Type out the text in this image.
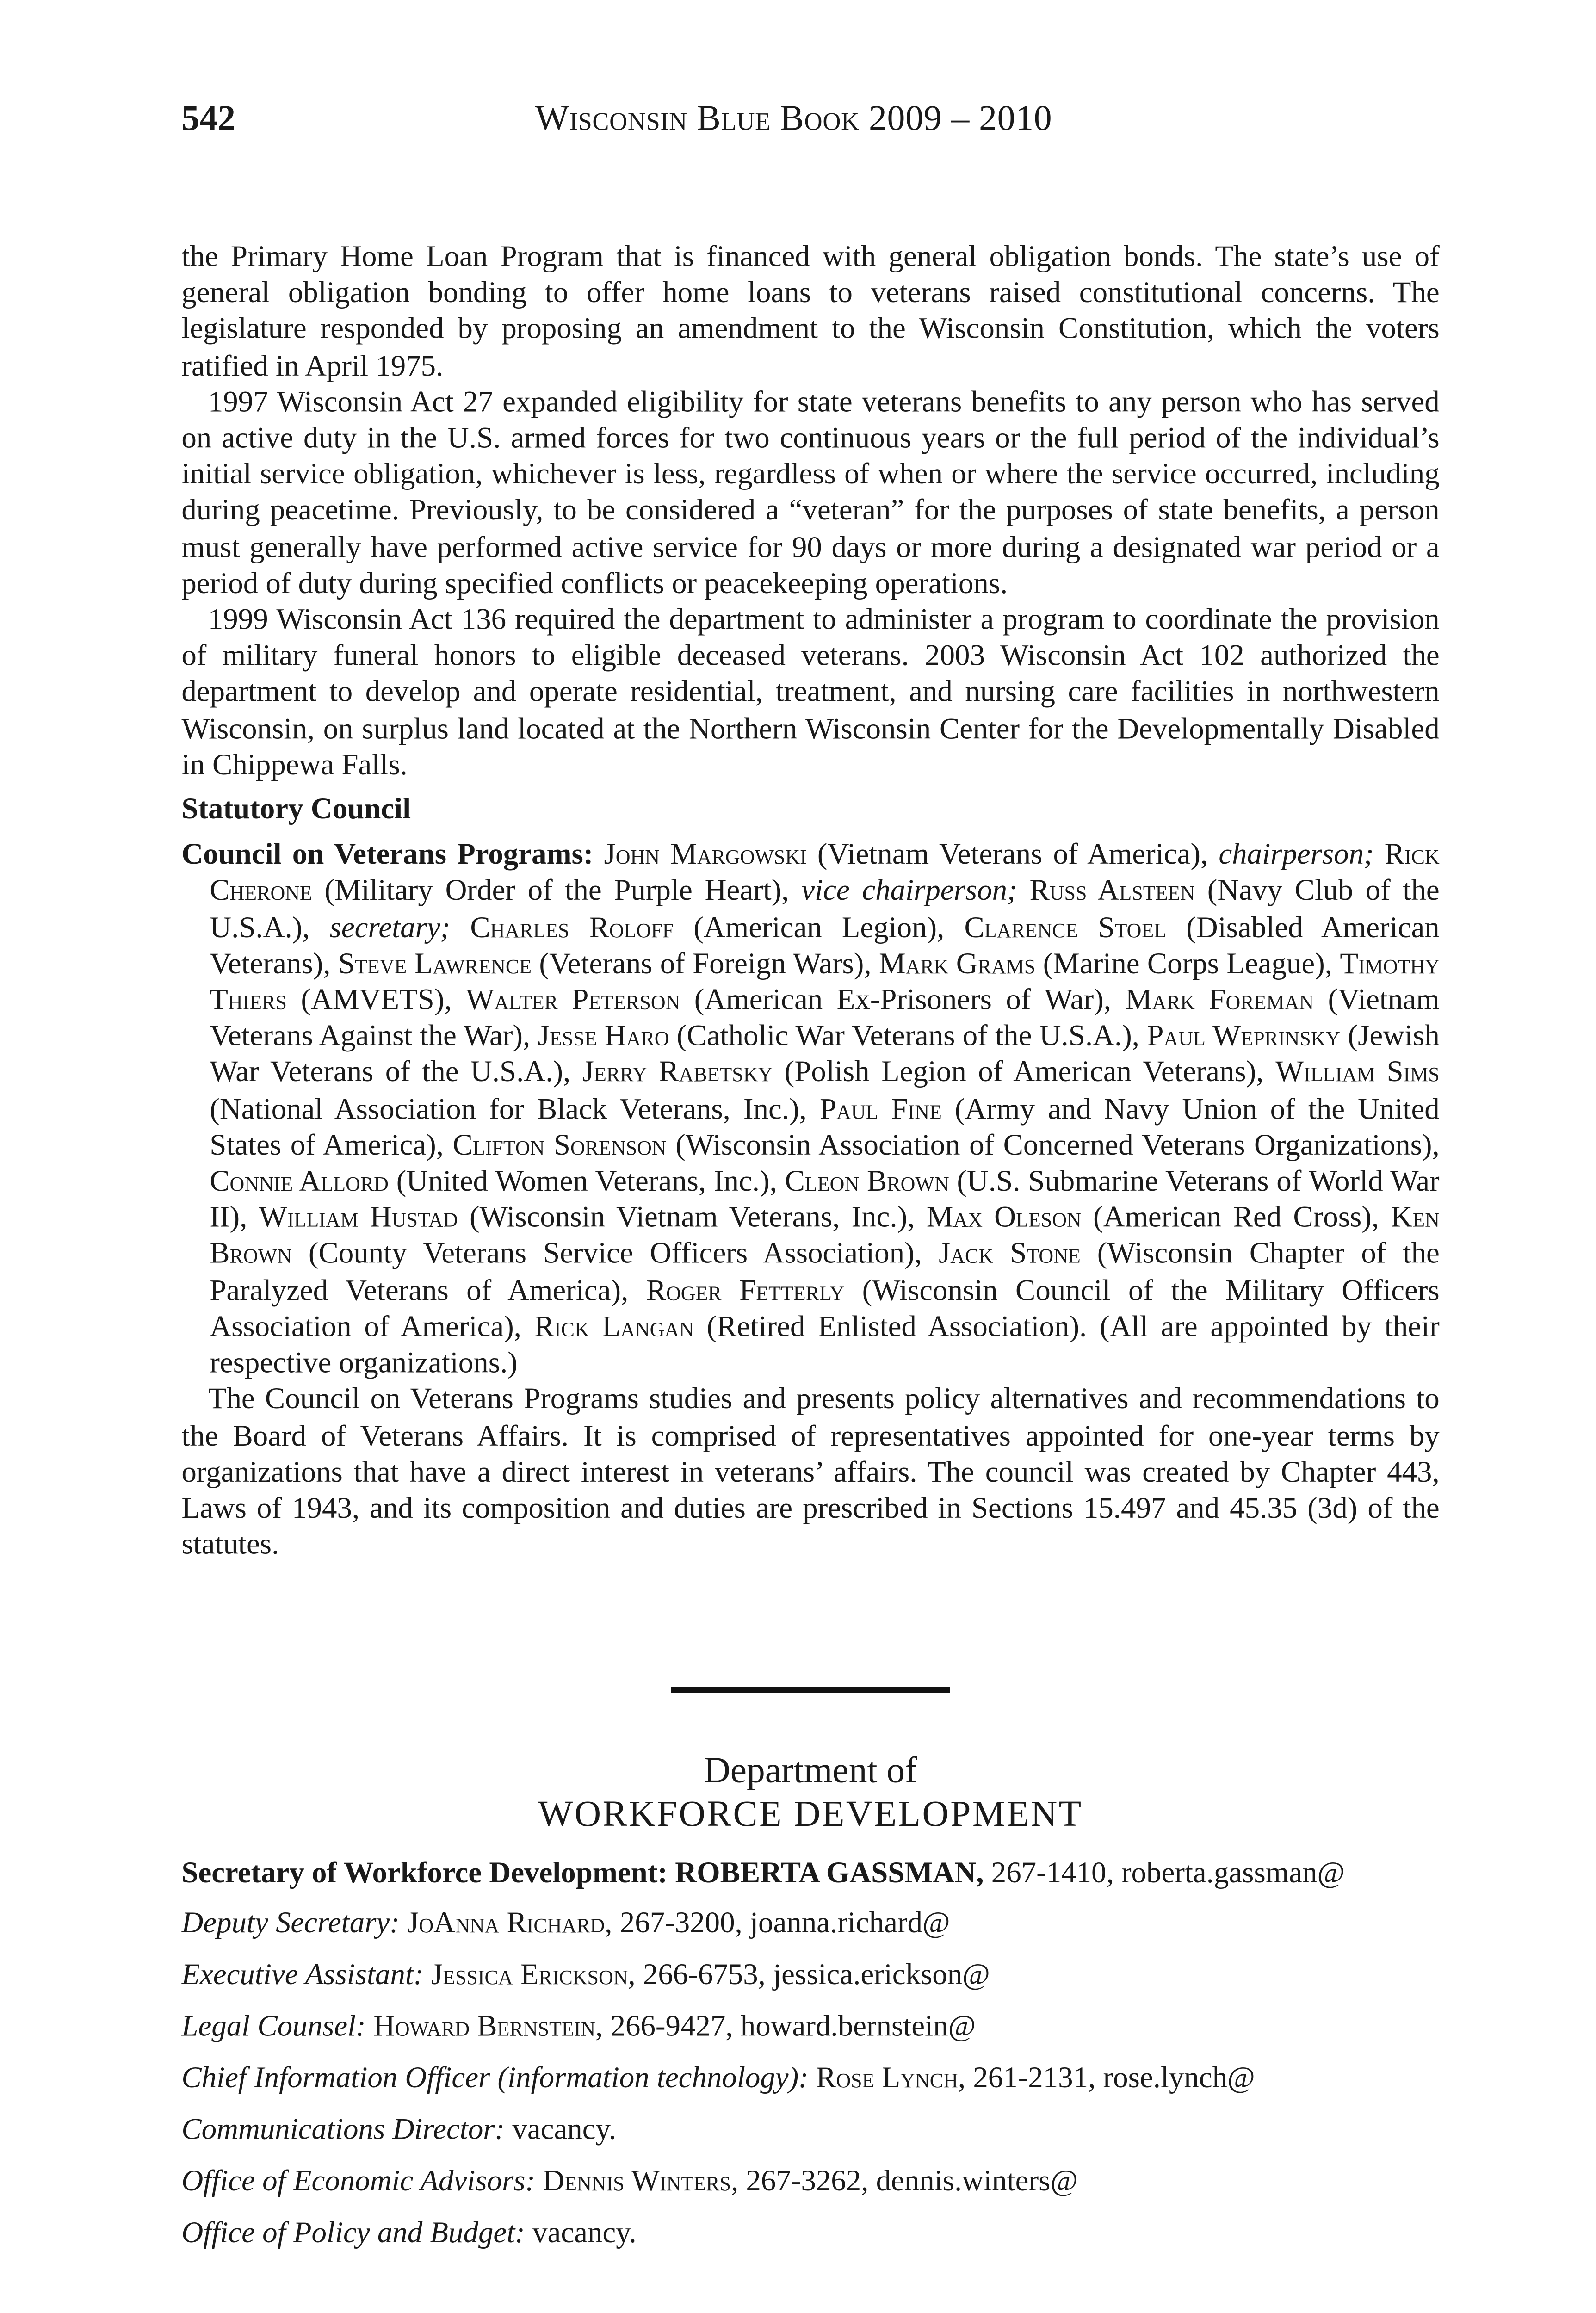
542	Wisconsin Blue Book 2009 – 2010

the Primary Home Loan Program that is financed with general obligation bonds. The state’s use of general obligation bonding to offer home loans to veterans raised constitutional concerns. The legislature responded by proposing an amendment to the Wisconsin Constitution, which the voters ratified in April 1975.

1997 Wisconsin Act 27 expanded eligibility for state veterans benefits to any person who has served on active duty in the U.S. armed forces for two continuous years or the full period of the individual’s initial service obligation, whichever is less, regardless of when or where the service occurred, including during peacetime. Previously, to be considered a “veteran” for the purposes of state benefits, a person must generally have performed active service for 90 days or more during a designated war period or a period of duty during specified conflicts or peacekeeping operations.

1999 Wisconsin Act 136 required the department to administer a program to coordinate the provision of military funeral honors to eligible deceased veterans. 2003 Wisconsin Act 102 authorized the department to develop and operate residential, treatment, and nursing care facilities in northwestern Wisconsin, on surplus land located at the Northern Wisconsin Center for the Developmentally Disabled in Chippewa Falls.

Statutory Council

Council on Veterans Programs: John Margowski (Vietnam Veterans of America), chairperson; Rick Cherone (Military Order of the Purple Heart), vice chairperson; Russ Alsteen (Navy Club of the U.S.A.), secretary; Charles Roloff (American Legion), Clarence Stoel (Disabled American Veterans), Steve Lawrence (Veterans of Foreign Wars), Mark Grams (Marine Corps League), Timothy Thiers (AMVETS), Walter Peterson (American Ex-Prisoners of War), Mark Foreman (Vietnam Veterans Against the War), Jesse Haro (Catholic War Veterans of the U.S.A.), Paul Weprinsky (Jewish War Veterans of the U.S.A.), Jerry Rabetsky (Polish Legion of American Veterans), William Sims (National Association for Black Veterans, Inc.), Paul Fine (Army and Navy Union of the United States of America), Clifton Sorenson (Wisconsin Association of Concerned Veterans Organizations), Connie Allord (United Women Veterans, Inc.), Cleon Brown (U.S. Submarine Veterans of World War II), William Hustad (Wisconsin Vietnam Veterans, Inc.), Max Oleson (American Red Cross), Ken Brown (County Veterans Service Officers Association), Jack Stone (Wisconsin Chapter of the Paralyzed Veterans of America), Roger Fetterly (Wisconsin Council of the Military Officers Association of America), Rick Langan (Retired Enlisted Association). (All are appointed by their respective organizations.)

The Council on Veterans Programs studies and presents policy alternatives and recommendations to the Board of Veterans Affairs. It is comprised of representatives appointed for one-year terms by organizations that have a direct interest in veterans’ affairs. The council was created by Chapter 443, Laws of 1943, and its composition and duties are prescribed in Sections 15.497 and 45.35 (3d) of the statutes.

Department of
WORKFORCE DEVELOPMENT

Secretary of Workforce Development: ROBERTA GASSMAN, 267-1410, roberta.gassman@

Deputy Secretary: JoAnna Richard, 267-3200, joanna.richard@

Executive Assistant: Jessica Erickson, 266-6753, jessica.erickson@

Legal Counsel: Howard Bernstein, 266-9427, howard.bernstein@

Chief Information Officer (information technology): Rose Lynch, 261-2131, rose.lynch@

Communications Director: vacancy.

Office of Economic Advisors: Dennis Winters, 267-3262, dennis.winters@

Office of Policy and Budget: vacancy.
